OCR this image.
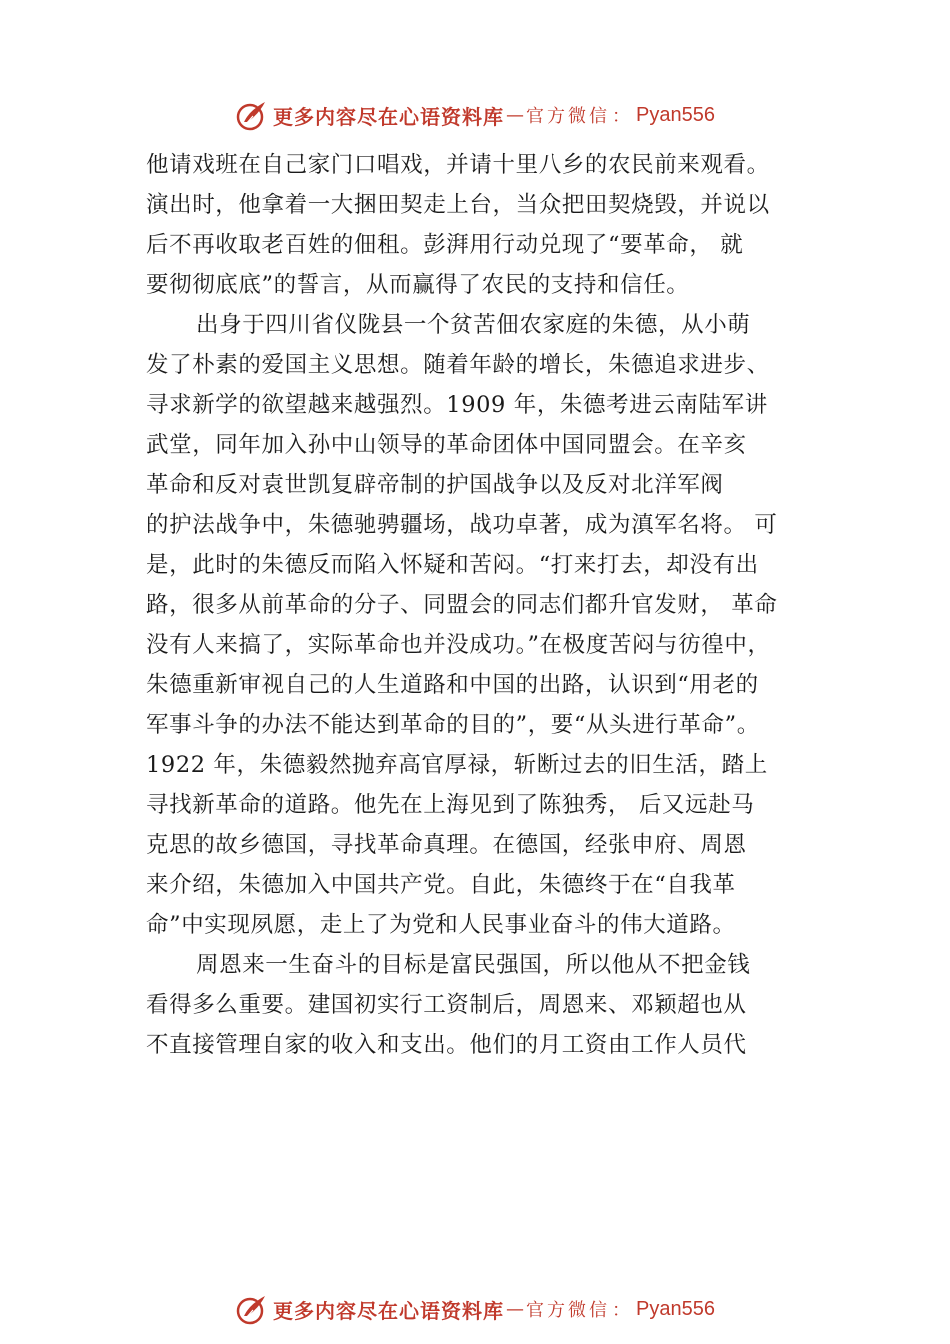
更多内容尽在心语资料库 — 官方微信 ： Pyan556
他请戏班在自己家门口唱戏，并请十里八乡的农民前来观看。
演出时，他拿着一大捆田契走上台，当众把田契烧毁，并说以
后不再收取老百姓的佃租。彭湃用行动兑现了“要革命， 就
要彻彻底底”的誓言，从而赢得了农民的支持和信任。
出身于四川省仪陇县一个贫苦佃农家庭的朱德，从小萌
发了朴素的爱国主义思想。随着年龄的增长，朱德追求进步、
寻求新学的欲望越来越强烈。1909 年，朱德考进云南陆军讲
武堂，同年加入孙中山领导的革命团体中国同盟会。在辛亥
革命和反对袁世凯复辟帝制的护国战争以及反对北洋军阀
的护法战争中，朱德驰骋疆场，战功卓著，成为滇军名将。 可
是，此时的朱德反而陷入怀疑和苦闷。“打来打去，却没有出
路，很多从前革命的分子、同盟会的同志们都升官发财， 革命
没有人来搞了，实际革命也并没成功。”在极度苦闷与彷徨中，
朱德重新审视自己的人生道路和中国的出路，认识到“用老的
军事斗争的办法不能达到革命的目的”，要“从头进行革命”。
1922 年，朱德毅然抛弃高官厚禄，斩断过去的旧生活，踏上
寻找新革命的道路。他先在上海见到了陈独秀， 后又远赴马
克思的故乡德国，寻找革命真理。在德国，经张申府、周恩
来介绍，朱德加入中国共产党。自此，朱德终于在“自我革
命”中实现夙愿，走上了为党和人民事业奋斗的伟大道路。
周恩来一生奋斗的目标是富民强国，所以他从不把金钱
看得多么重要。建国初实行工资制后，周恩来、邓颖超也从
不直接管理自家的收入和支出。他们的月工资由工作人员代
更多内容尽在心语资料库 — 官方微信 ： Pyan556
